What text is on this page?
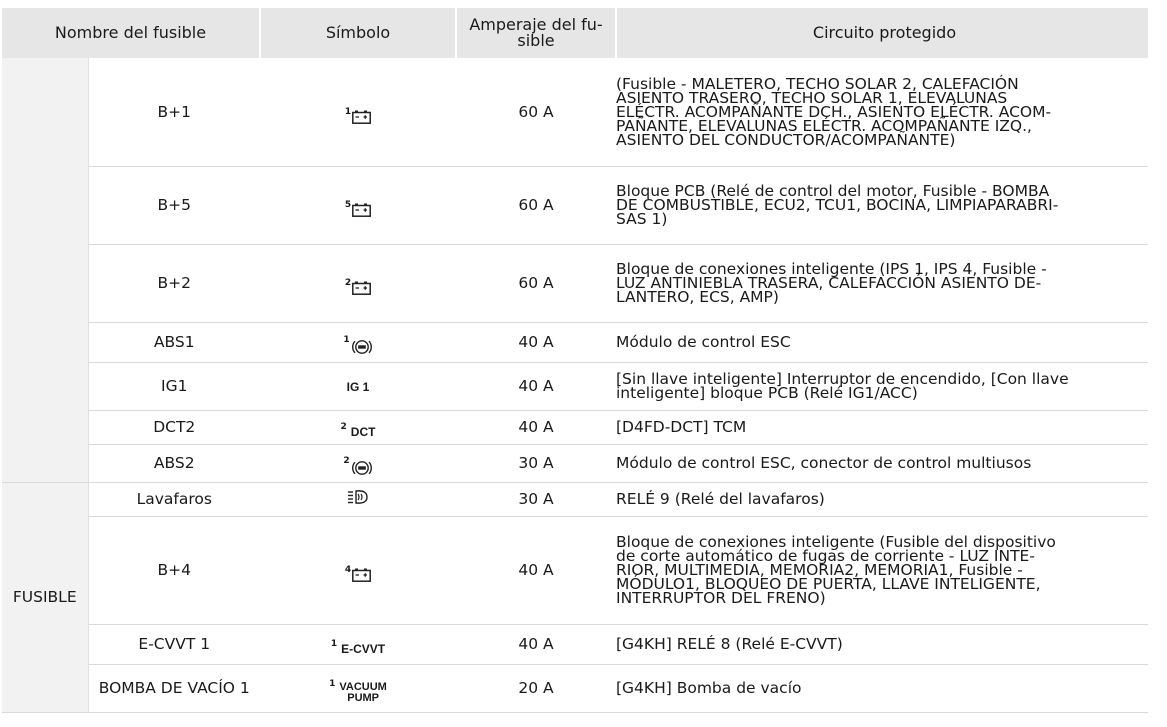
Nombre del fusible		Símbolo	Amperaje del fu-
sible	Circuito protegido
	B+1	1	60 A	(Fusible - MALETERO, TECHO SOLAR 2, CALEFACIÓN
ASIENTO TRASERO, TECHO SOLAR 1, ELEVALUNAS
ELÉCTR. ACOMPAÑANTE DCH., ASIENTO ELÉCTR. ACOM-
PAÑANTE, ELEVALUNAS ELÉCTR. ACOMPAÑANTE IZQ.,
ASIENTO DEL CONDUCTOR/ACOMPAÑANTE)
	B+5	5	60 A	Bloque PCB (Relé de control del motor, Fusible - BOMBA
DE COMBUSTIBLE, ECU2, TCU1, BOCINA, LIMPIAPARABRI-
SAS 1)
	B+2	2	60 A	Bloque de conexiones inteligente (IPS 1, IPS 4, Fusible -
LUZ ANTINIEBLA TRASERA, CALEFACCIÓN ASIENTO DE-
LANTERO, ECS, AMP)
	ABS1	1	40 A	Módulo de control ESC
	IG1	IG 1	40 A	[Sin llave inteligente] Interruptor de encendido, [Con llave
inteligente] bloque PCB (Relé IG1/ACC)
	DCT2	2 DCT	40 A	[D4FD-DCT] TCM
	ABS2	2	30 A	Módulo de control ESC, conector de control multiusos
FUSIBLE	Lavafaros		30 A	RELÉ 9 (Relé del lavafaros)
	B+4	4	40 A	Bloque de conexiones inteligente (Fusible del dispositivo
de corte automático de fugas de corriente - LUZ INTE-
RIOR, MULTIMEDIA, MEMORIA2, MEMORIA1, Fusible -
MÓDULO1, BLOQUEO DE PUERTA, LLAVE INTELIGENTE,
INTERRUPTOR DEL FRENO)
	E-CVVT 1	1 E-CVVT	40 A	[G4KH] RELÉ 8 (Relé E-CVVT)
	BOMBA DE VACÍO 1	1 VACUUM
PUMP	20 A	[G4KH] Bomba de vacío
